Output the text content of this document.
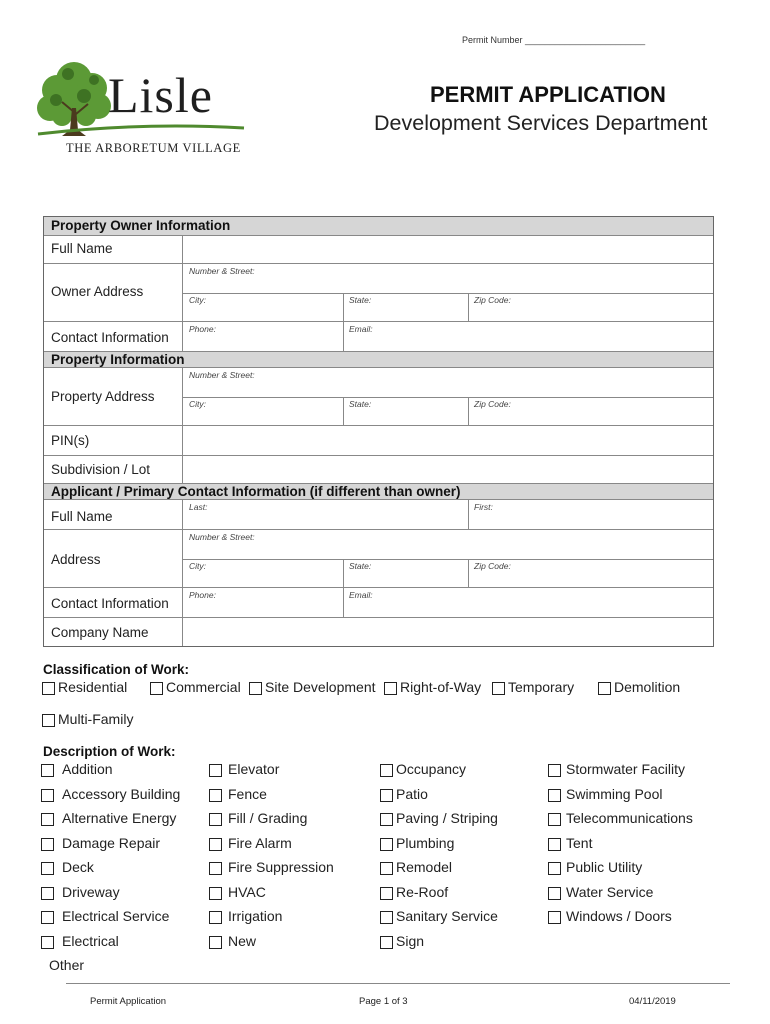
Permit Number ________________________
Lisle
THE ARBORETUM VILLAGE
PERMIT APPLICATION
Development Services Department
Property Owner Information
Full Name
Owner Address
Number & Street:
City:	State:	Zip Code:
Contact Information
Phone:	Email:
Property Information
Property Address
Number & Street:
City:	State:	Zip Code:
PIN(s)
Subdivision / Lot
Applicant / Primary Contact Information (if different than owner)
Full Name
Last:	First:
Address
Number & Street:
City:	State:	Zip Code:
Contact Information
Phone:	Email:
Company Name
Classification of Work:
Residential	Commercial Site Development Right-of-Way Temporary	Demolition
Multi-Family
Description of Work:
Addition
Accessory Building
Alternative Energy
Damage Repair
Deck
Driveway
Electrical Service
Electrical
Elevator
Fence
Fill / Grading
Fire Alarm
Fire Suppression
HVAC
Irrigation
New
Occupancy
Patio
Paving / Striping
Plumbing
Remodel
Re-Roof
Sanitary Service
Sign
Stormwater Facility
Swimming Pool
Telecommunications
Tent
Public Utility
Water Service
Windows / Doors
Other
Permit Application	Page 1 of 3	04/11/2019
